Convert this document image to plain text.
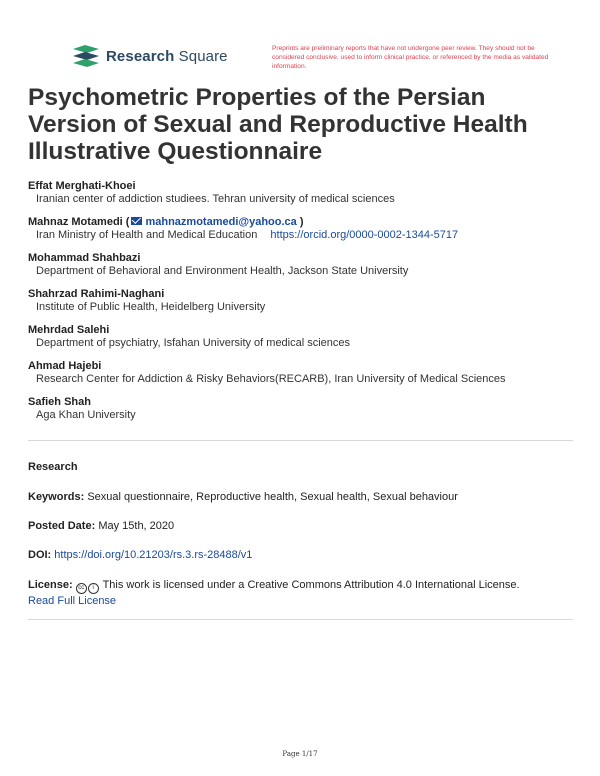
Research Square	Preprints are preliminary reports that have not undergone peer review. They should not be considered conclusive, used to inform clinical practice, or referenced by the media as validated information.
Psychometric Properties of the Persian Version of Sexual and Reproductive Health Illustrative Questionnaire
Effat Merghati-Khoei
Iranian center of addiction studiees. Tehran university of medical sciences
Mahnaz Motamedi ( mahnazmotamedi@yahoo.ca )
Iran Ministry of Health and Medical Education https://orcid.org/0000-0002-1344-5717
Mohammad Shahbazi
Department of Behavioral and Environment Health, Jackson State University
Shahrzad Rahimi-Naghani
Institute of Public Health, Heidelberg University
Mehrdad Salehi
Department of psychiatry, Isfahan University of medical sciences
Ahmad Hajebi
Research Center for Addiction & Risky Behaviors(RECARB), Iran University of Medical Sciences
Safieh Shah
Aga Khan University
Research
Keywords: Sexual questionnaire, Reproductive health, Sexual health, Sexual behaviour
Posted Date: May 15th, 2020
DOI: https://doi.org/10.21203/rs.3.rs-28488/v1
License: cc i This work is licensed under a Creative Commons Attribution 4.0 International License.
Read Full License
Page 1/17
